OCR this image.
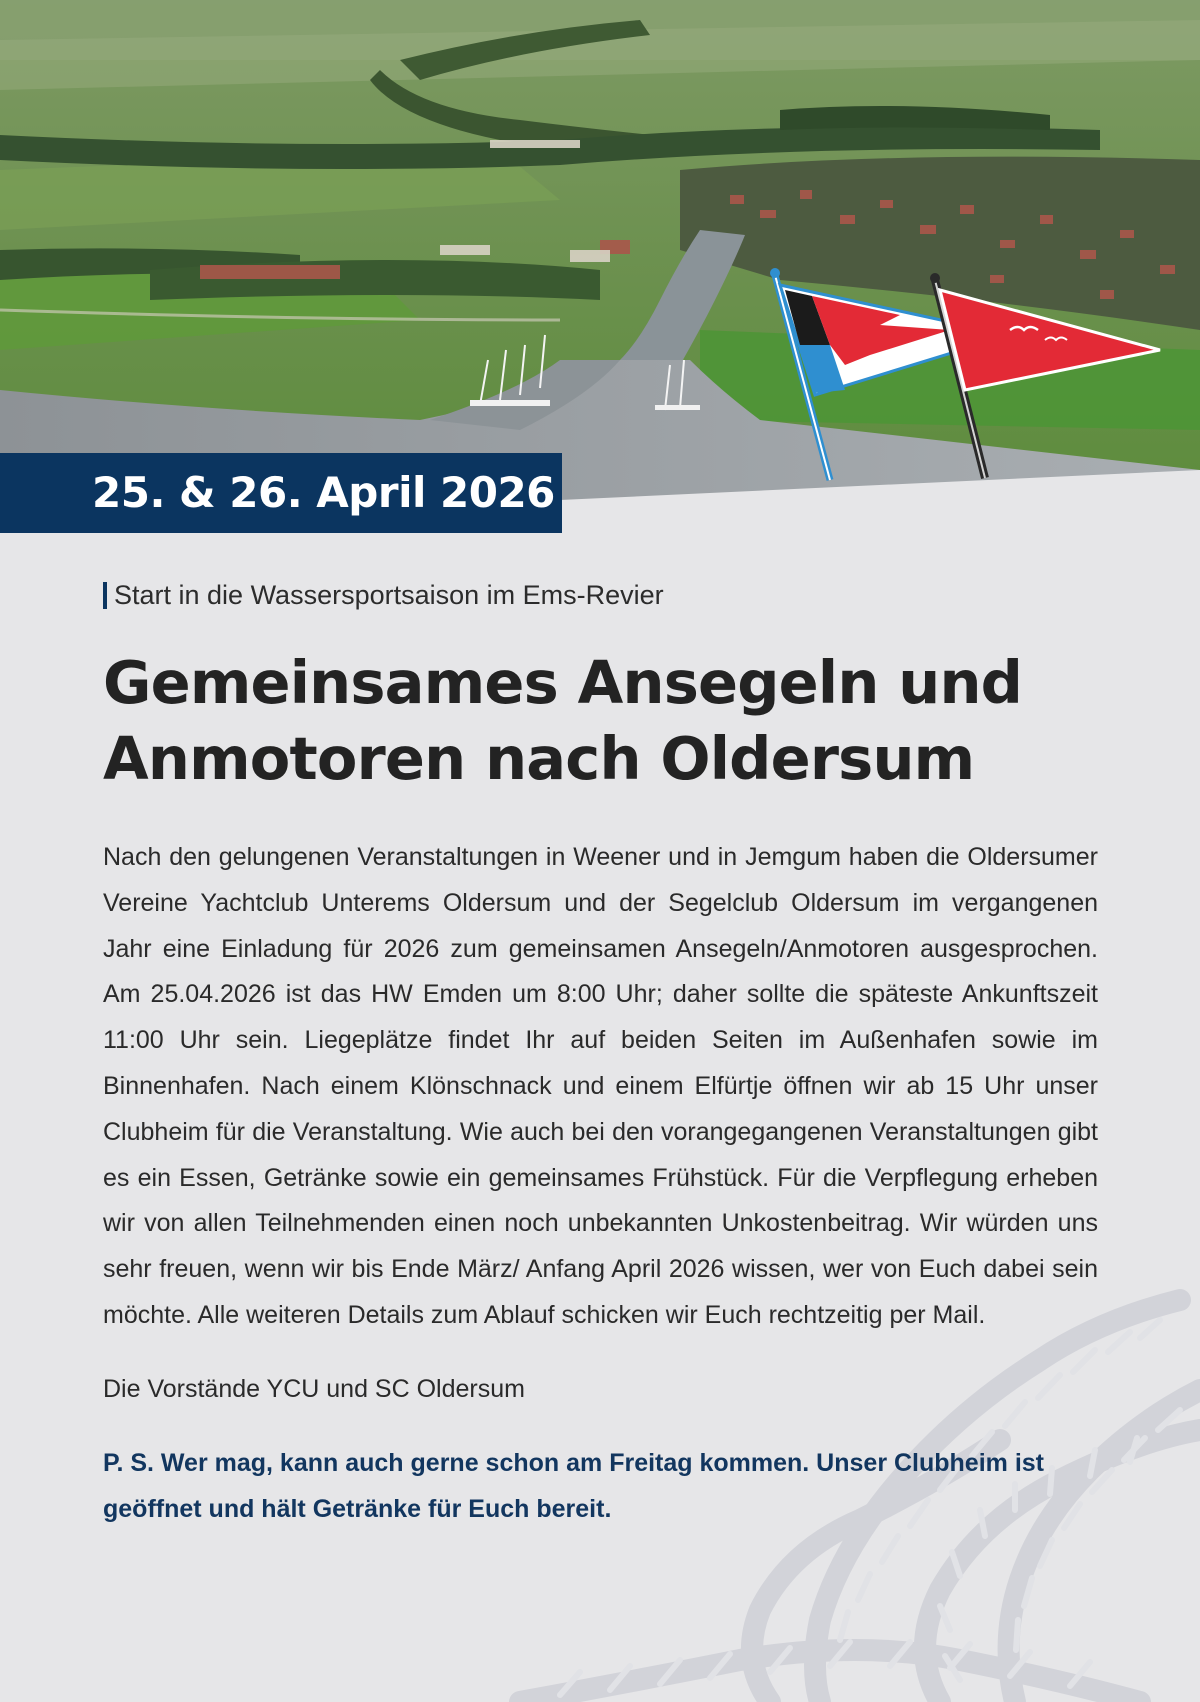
25. & 26. April 2026

Start in die Wassersportsaison im Ems-Revier

Gemeinsames Ansegeln und
Anmotoren nach Oldersum

Nach den gelungenen Veranstaltungen in Weener und in Jemgum haben die Oldersumer Vereine Yachtclub Unterems Oldersum und der Segelclub Oldersum im vergangenen Jahr eine Einladung für 2026 zum gemeinsamen Ansegeln/Anmotoren ausgesprochen. Am 25.04.2026 ist das HW Emden um 8:00 Uhr; daher sollte die späteste Ankunftszeit 11:00 Uhr sein. Liegeplätze findet Ihr auf beiden Seiten im Außenhafen sowie im Binnenhafen. Nach einem Klönschnack und einem Elfürtje öffnen wir ab 15 Uhr unser Clubheim für die Veranstaltung. Wie auch bei den vorangegangenen Veranstaltungen gibt es ein Essen, Getränke sowie ein gemeinsames Frühstück. Für die Verpflegung erheben wir von allen Teilnehmenden einen noch unbekannten Unkostenbeitrag. Wir würden uns sehr freuen, wenn wir bis Ende März/ Anfang April 2026 wissen, wer von Euch dabei sein möchte. Alle weiteren Details zum Ablauf schicken wir Euch rechtzeitig per Mail.

Die Vorstände YCU und SC Oldersum

P. S. Wer mag, kann auch gerne schon am Freitag kommen. Unser Clubheim ist geöffnet und hält Getränke für Euch bereit.
